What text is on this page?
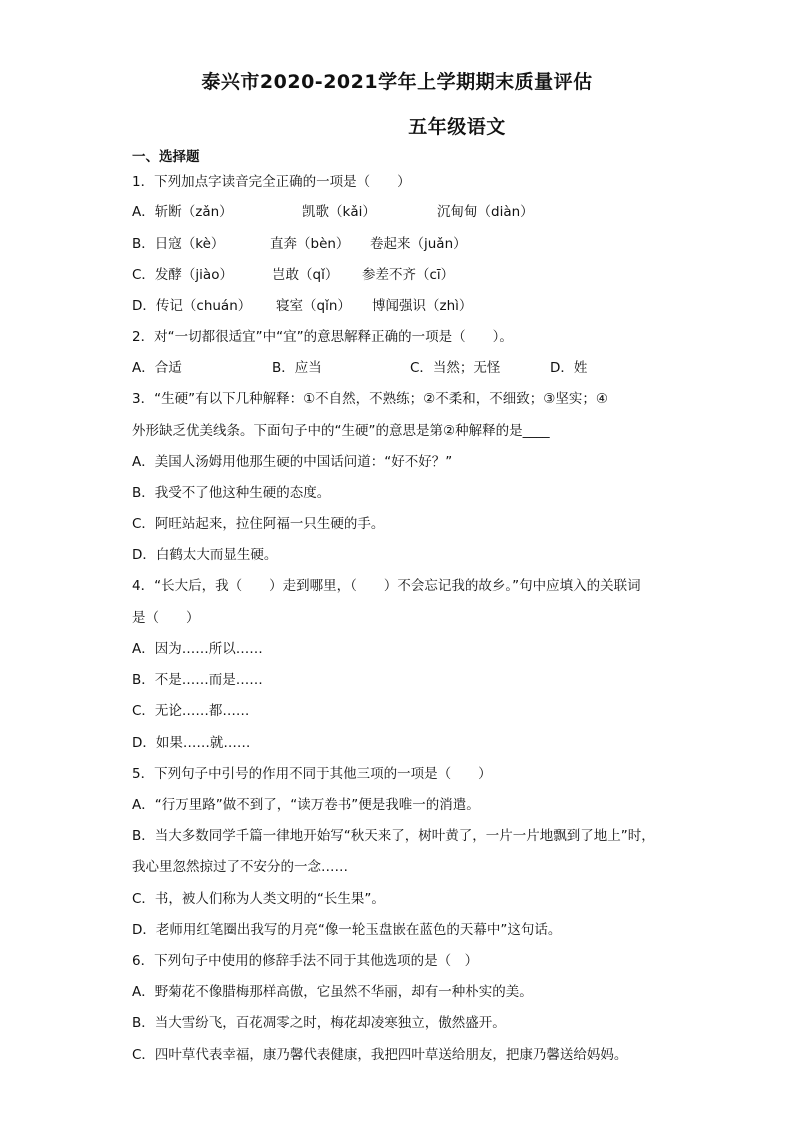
泰兴市2020-2021学年上学期期末质量评估
五年级语文
一、选择题
1．下列加点字读音完全正确的一项是（　　）
A．斩断（zǎn）	凯歌（kǎi）	沉甸甸（diàn）
B．日寇（kè）	直奔（bèn） 卷起来（juǎn）
C．发酵（jiào）	岂敢（qǐ） 参差不齐（cī）
D．传记（chuán） 寝室（qǐn） 博闻强识（zhì）
2．对“一切都很适宜”中“宜”的意思解释正确的一项是（　　）。
A．合适	B．应当	C．当然；无怪	D．姓
3．“生硬”有以下几种解释：①不自然，不熟练；②不柔和，不细致；③坚实；④
外形缺乏优美线条。下面句子中的“生硬”的意思是第②种解释的是____
A．美国人汤姆用他那生硬的中国话问道：“好不好？”
B．我受不了他这种生硬的态度。
C．阿旺站起来，拉住阿福一只生硬的手。
D．白鹤太大而显生硬。
4．“长大后，我（　　）走到哪里，（　　）不会忘记我的故乡。”句中应填入的关联词
是（　　）
A．因为……所以……
B．不是……而是……
C．无论……都……
D．如果……就……
5．下列句子中引号的作用不同于其他三项的一项是（　　）
A．“行万里路”做不到了，“读万卷书”便是我唯一的消遣。
B．当大多数同学千篇一律地开始写“秋天来了，树叶黄了，一片一片地飘到了地上”时，
我心里忽然掠过了不安分的一念……
C．书，被人们称为人类文明的“长生果”。
D．老师用红笔圈出我写的月亮“像一轮玉盘嵌在蓝色的天幕中”这句话。
6．下列句子中使用的修辞手法不同于其他选项的是（　）
A．野菊花不像腊梅那样高傲，它虽然不华丽，却有一种朴实的美。
B．当大雪纷飞，百花凋零之时，梅花却凌寒独立，傲然盛开。
C．四叶草代表幸福，康乃馨代表健康，我把四叶草送给朋友，把康乃馨送给妈妈。
